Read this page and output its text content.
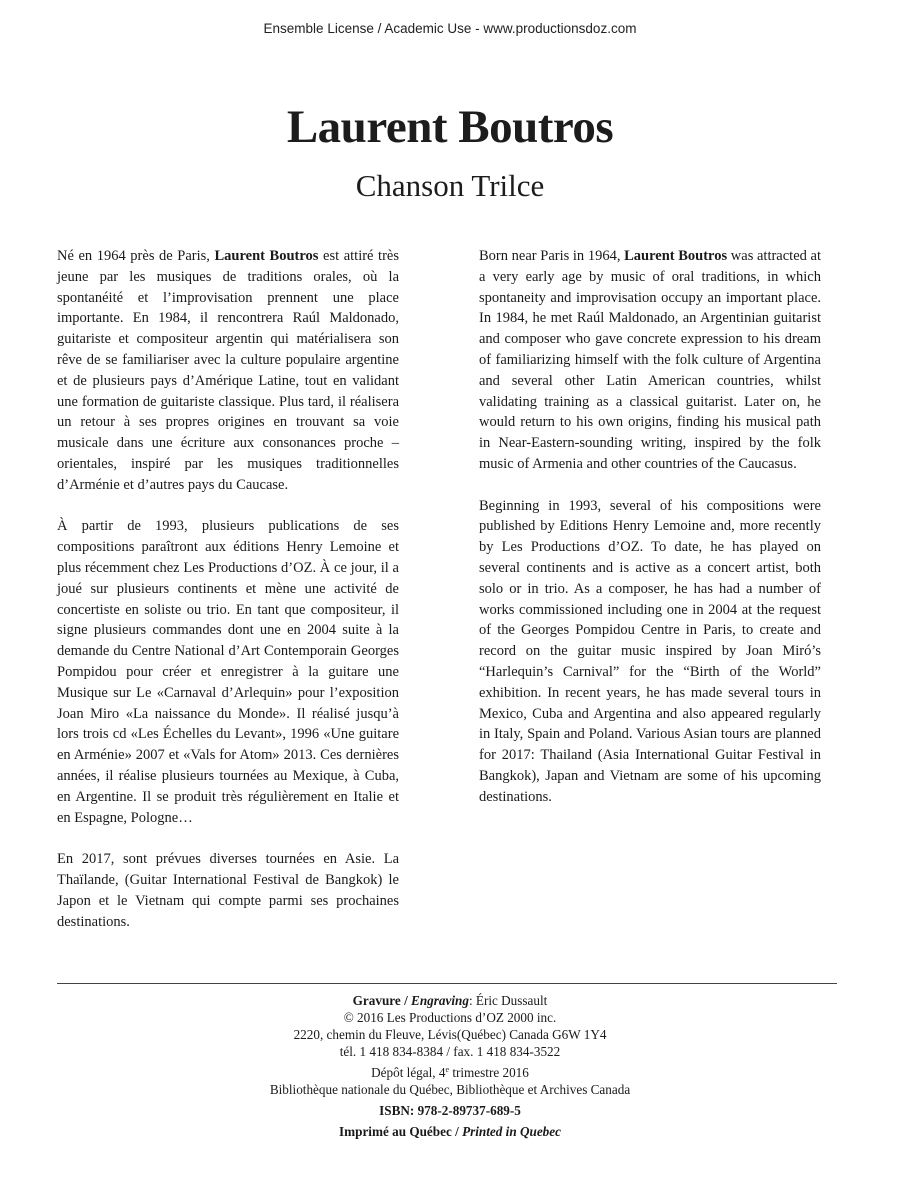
Ensemble License / Academic Use - www.productionsdoz.com
Laurent Boutros
Chanson Trilce

Né en 1964 près de Paris, Laurent Boutros est attiré très jeune par les musiques de traditions orales, où la spontanéité et l’improvisation prennent une place importante. En 1984, il rencontrera Raúl Maldonado, guitariste et compositeur argentin qui matérialisera son rêve de se familiariser avec la culture populaire argentine et de plusieurs pays d’Amérique Latine, tout en validant une formation de guitariste classique. Plus tard, il réalisera un retour à ses propres origines en trouvant sa voie musicale dans une écriture aux consonances proche – orientales, inspiré par les musiques traditionnelles d’Arménie et d’autres pays du Caucase.

À partir de 1993, plusieurs publications de ses compositions paraîtront aux éditions Henry Lemoine et plus récemment chez Les Productions d’OZ. À ce jour, il a joué sur plusieurs continents et mène une activité de concertiste en soliste ou trio. En tant que compositeur, il signe plusieurs commandes dont une en 2004 suite à la demande du Centre National d’Art Contemporain Georges Pompidou pour créer et enregistrer à la guitare une Musique sur Le «Carnaval d’Arlequin» pour l’exposition Joan Miro «La naissance du Monde». Il réalisé jusqu’à lors trois cd «Les Échelles du Levant», 1996 «Une guitare en Arménie» 2007 et «Vals for Atom» 2013. Ces dernières années, il réalise plusieurs tournées au Mexique, à Cuba, en Argentine. Il se produit très régulièrement en Italie et en Espagne, Pologne…

En 2017, sont prévues diverses tournées en Asie. La Thaïlande, (Guitar International Festival de Bangkok) le Japon et le Vietnam qui compte parmi ses prochaines destinations.

Born near Paris in 1964, Laurent Boutros was attracted at a very early age by music of oral traditions, in which spontaneity and improvisation occupy an important place. In 1984, he met Raúl Maldonado, an Argentinian guitarist and composer who gave concrete expression to his dream of familiarizing himself with the folk culture of Argentina and several other Latin American countries, whilst validating training as a classical guitarist. Later on, he would return to his own origins, finding his musical path in Near-Eastern-sounding writing, inspired by the folk music of Armenia and other countries of the Caucasus.

Beginning in 1993, several of his compositions were published by Editions Henry Lemoine and, more recently by Les Productions d’OZ. To date, he has played on several continents and is active as a concert artist, both solo or in trio. As a composer, he has had a number of works commissioned including one in 2004 at the request of the Georges Pompidou Centre in Paris, to create and record on the guitar music inspired by Joan Miró’s “Harlequin’s Carnival” for the “Birth of the World” exhibition. In recent years, he has made several tours in Mexico, Cuba and Argentina and also appeared regularly in Italy, Spain and Poland. Various Asian tours are planned for 2017: Thailand (Asia International Guitar Festival in Bangkok), Japan and Vietnam are some of his upcoming destinations.

Gravure / Engraving: Éric Dussault
© 2016 Les Productions d’OZ 2000 inc.
2220, chemin du Fleuve, Lévis(Québec) Canada G6W 1Y4
tél. 1 418 834-8384 / fax. 1 418 834-3522
Dépôt légal, 4e trimestre 2016
Bibliothèque nationale du Québec, Bibliothèque et Archives Canada
ISBN: 978-2-89737-689-5
Imprimé au Québec / Printed in Quebec
